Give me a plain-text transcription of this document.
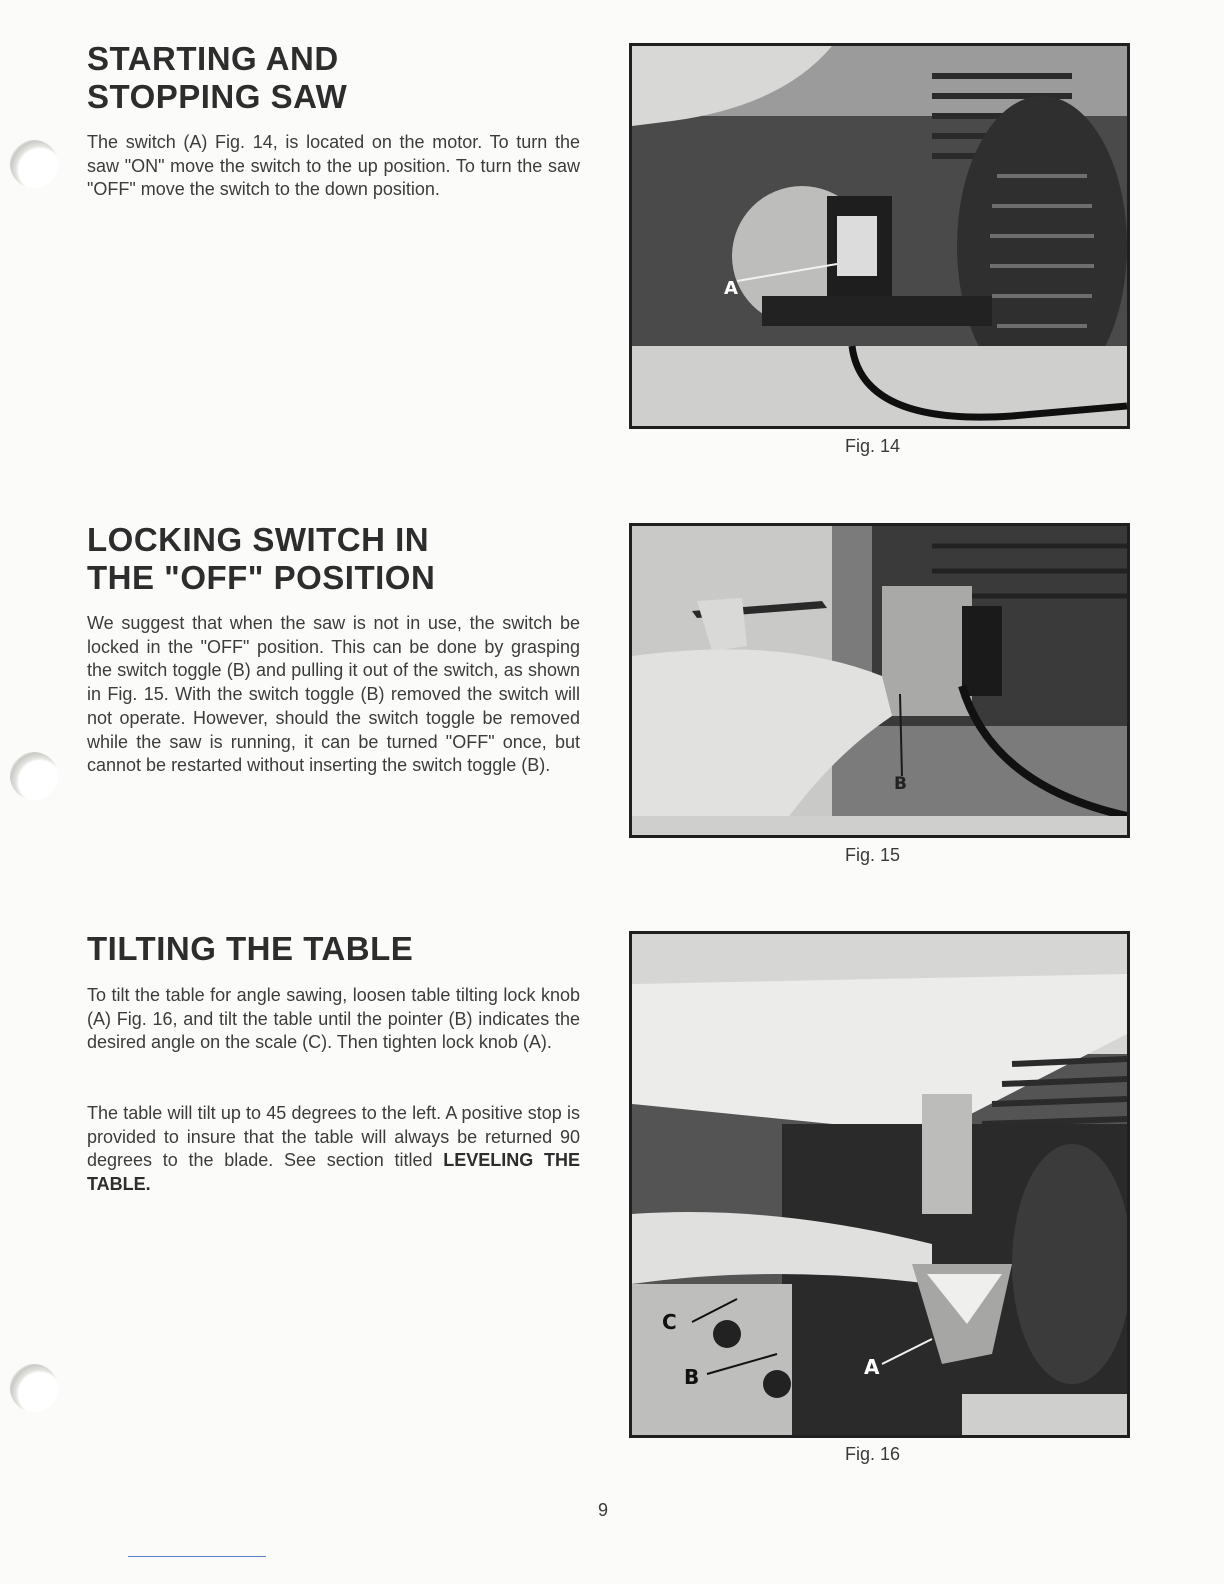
STARTING AND
STOPPING SAW

The switch (A) Fig. 14, is located on the motor. To turn the saw "ON" move the switch to the up position. To turn the saw "OFF" move the switch to the down position.

LOCKING SWITCH IN
THE "OFF" POSITION

We suggest that when the saw is not in use, the switch be locked in the "OFF" position. This can be done by grasping the switch toggle (B) and pulling it out of the switch, as shown in Fig. 15. With the switch toggle (B) removed the switch will not operate. However, should the switch toggle be removed while the saw is running, it can be turned "OFF" once, but cannot be restarted without inserting the switch toggle (B).

TILTING THE TABLE

To tilt the table for angle sawing, loosen table tilting lock knob (A) Fig. 16, and tilt the table until the pointer (B) indicates the desired angle on the scale (C). Then tighten lock knob (A).

The table will tilt up to 45 degrees to the left. A positive stop is provided to insure that the table will always be returned 90 degrees to the blade. See section titled LEVELING THE TABLE.

A

Fig. 14

B

Fig. 15

C
B	A

Fig. 16

9
